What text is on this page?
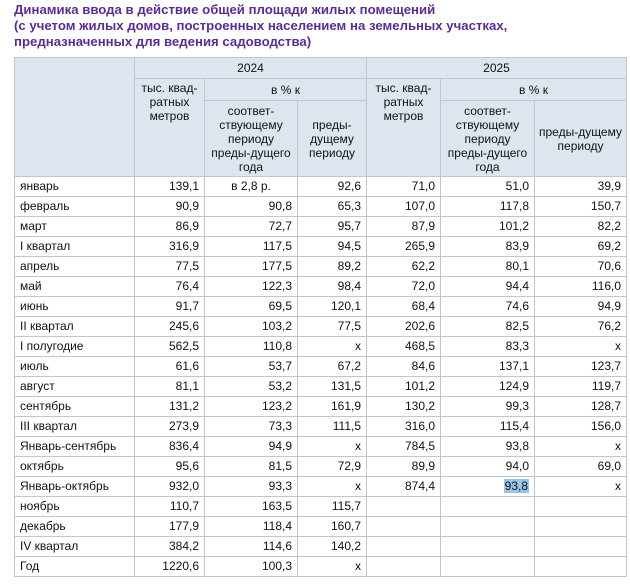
Динамика ввода в действие общей площади жилых помещений
(с учетом жилых домов, построенных населением на земельных участках,
предназначенных для ведения садоводства)
	2024			2025		
	тыс. квад-ратных метров	в % к		тыс. квад-ратных метров	в % к	
		соответ-ствующему периоду преды-дущего года	преды-дущему периоду		соответ-ствующему периоду преды-дущего года	преды-дущему периоду
январь	139,1	в 2,8 р.	92,6	71,0	51,0	39,9
февраль	90,9	90,8	65,3	107,0	117,8	150,7
март	86,9	72,7	95,7	87,9	101,2	82,2
I квартал	316,9	117,5	94,5	265,9	83,9	69,2
апрель	77,5	177,5	89,2	62,2	80,1	70,6
май	76,4	122,3	98,4	72,0	94,4	116,0
июнь	91,7	69,5	120,1	68,4	74,6	94,9
II квартал	245,6	103,2	77,5	202,6	82,5	76,2
I полугодие	562,5	110,8	х	468,5	83,3	х
июль	61,6	53,7	67,2	84,6	137,1	123,7
август	81,1	53,2	131,5	101,2	124,9	119,7
сентябрь	131,2	123,2	161,9	130,2	99,3	128,7
III квартал	273,9	73,3	111,5	316,0	115,4	156,0
Январь-сентябрь	836,4	94,9	х	784,5	93,8	х
октябрь	95,6	81,5	72,9	89,9	94,0	69,0
Январь-октябрь	932,0	93,3	х	874,4	93,8	х
ноябрь	110,7	163,5	115,7			
декабрь	177,9	118,4	160,7			
IV квартал	384,2	114,6	140,2			
Год	1220,6	100,3	х			
